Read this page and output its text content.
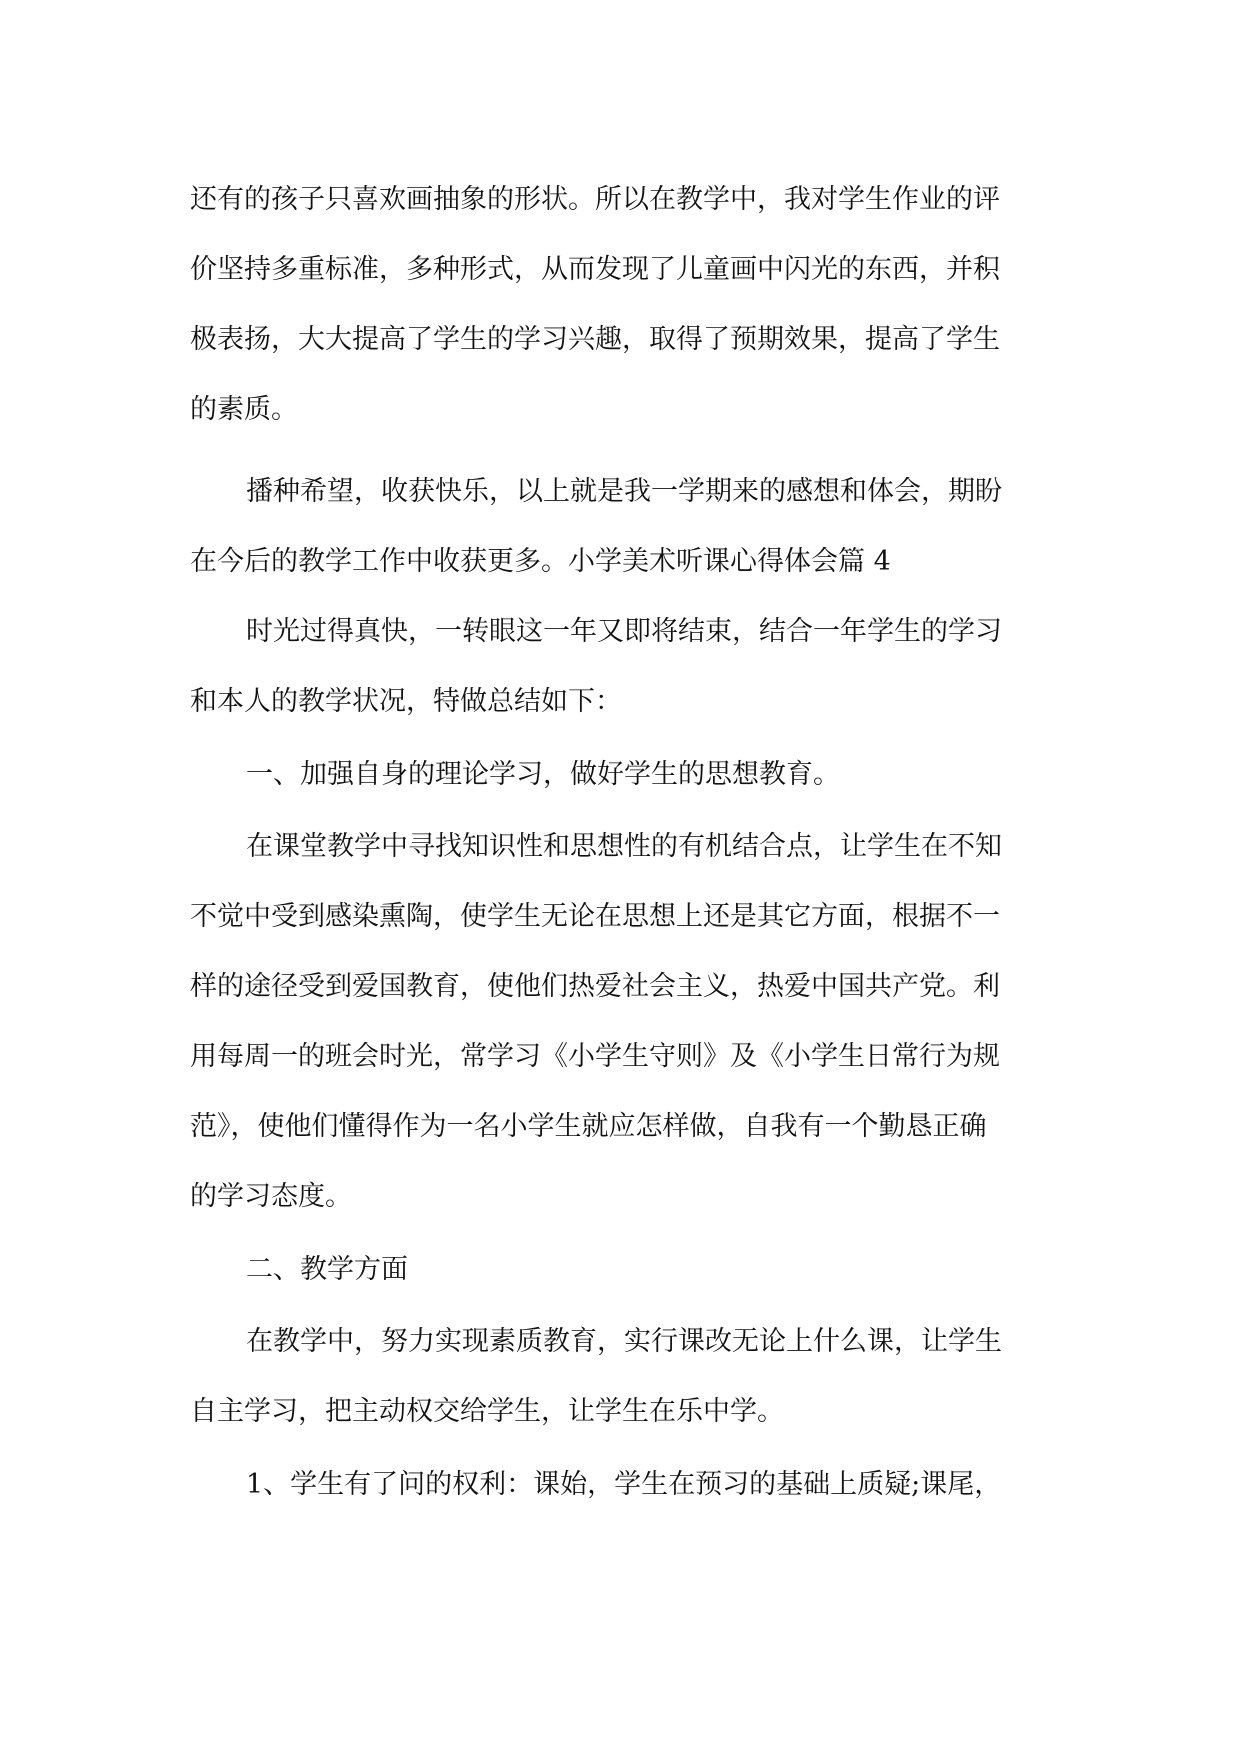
还有的孩子只喜欢画抽象的形状。所以在教学中，我对学生作业的评
价坚持多重标准，多种形式，从而发现了儿童画中闪光的东西，并积
极表扬，大大提高了学生的学习兴趣，取得了预期效果，提高了学生
的素质。
播种希望，收获快乐，以上就是我一学期来的感想和体会，期盼
在今后的教学工作中收获更多。小学美术听课心得体会篇 4
时光过得真快，一转眼这一年又即将结束，结合一年学生的学习
和本人的教学状况，特做总结如下：
一、加强自身的理论学习，做好学生的思想教育。
在课堂教学中寻找知识性和思想性的有机结合点，让学生在不知
不觉中受到感染熏陶，使学生无论在思想上还是其它方面，根据不一
样的途径受到爱国教育，使他们热爱社会主义，热爱中国共产党。利
用每周一的班会时光，常学习《小学生守则》及《小学生日常行为规
范》，使他们懂得作为一名小学生就应怎样做，自我有一个勤恳正确
的学习态度。
二、教学方面
在教学中，努力实现素质教育，实行课改无论上什么课，让学生
自主学习，把主动权交给学生，让学生在乐中学。
1、学生有了问的权利：课始，学生在预习的基础上质疑;课尾，
